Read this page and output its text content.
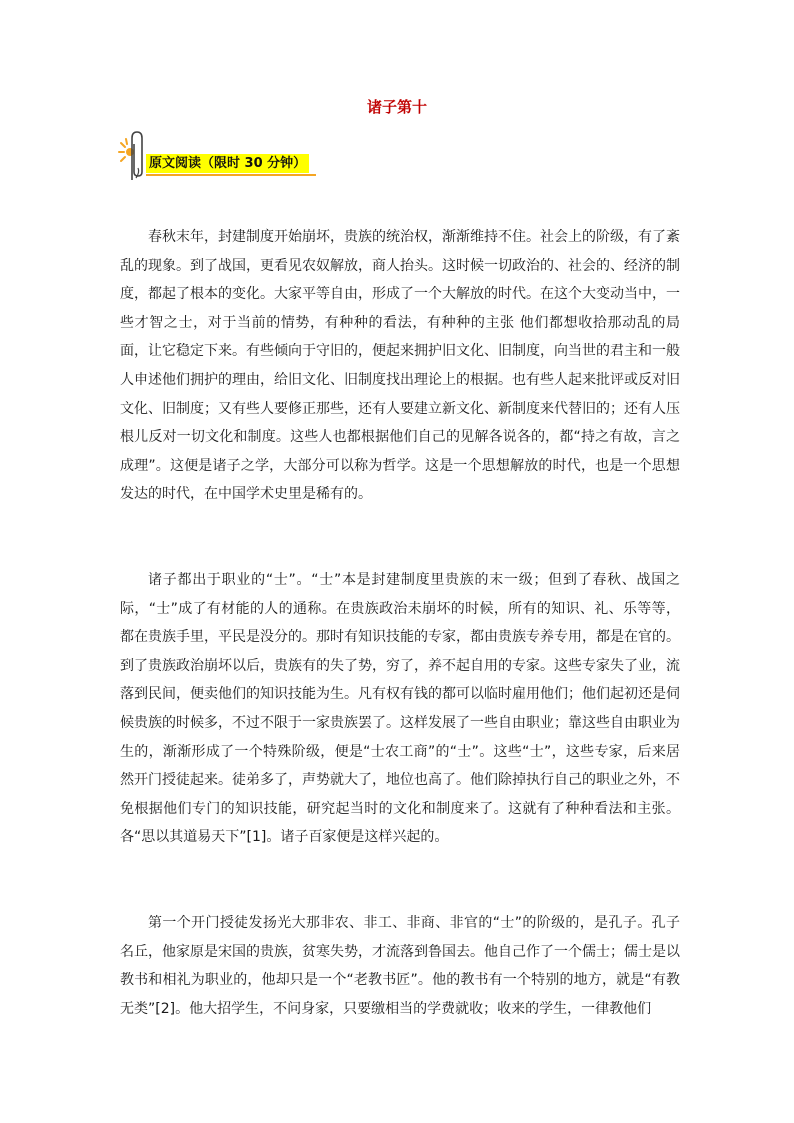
诸子第十
原文阅读（限时 30 分钟）

春秋末年，封建制度开始崩坏，贵族的统治权，渐渐维持不住。社会上的阶级，有了紊乱的现象。到了战国，更看见农奴解放，商人抬头。这时候一切政治的、社会的、经济的制度，都起了根本的变化。大家平等自由，形成了一个大解放的时代。在这个大变动当中，一些才智之士，对于当前的情势，有种种的看法，有种种的主张 他们都想收拾那动乱的局面，让它稳定下来。有些倾向于守旧的，便起来拥护旧文化、旧制度，向当世的君主和一般人申述他们拥护的理由，给旧文化、旧制度找出理论上的根据。也有些人起来批评或反对旧文化、旧制度；又有些人要修正那些，还有人要建立新文化、新制度来代替旧的；还有人压根儿反对一切文化和制度。这些人也都根据他们自己的见解各说各的，都“持之有故，言之成理”。这便是诸子之学，大部分可以称为哲学。这是一个思想解放的时代，也是一个思想发达的时代，在中国学术史里是稀有的。

诸子都出于职业的“士”。“士”本是封建制度里贵族的末一级；但到了春秋、战国之际，“士”成了有材能的人的通称。在贵族政治未崩坏的时候，所有的知识、礼、乐等等，都在贵族手里，平民是没分的。那时有知识技能的专家，都由贵族专养专用，都是在官的。到了贵族政治崩坏以后，贵族有的失了势，穷了，养不起自用的专家。这些专家失了业，流落到民间，便卖他们的知识技能为生。凡有权有钱的都可以临时雇用他们；他们起初还是伺候贵族的时候多，不过不限于一家贵族罢了。这样发展了一些自由职业；靠这些自由职业为生的，渐渐形成了一个特殊阶级，便是“士农工商”的“士”。这些“士”，这些专家，后来居然开门授徒起来。徒弟多了，声势就大了，地位也高了。他们除掉执行自己的职业之外，不免根据他们专门的知识技能，研究起当时的文化和制度来了。这就有了种种看法和主张。各“思以其道易天下”[1]。诸子百家便是这样兴起的。

第一个开门授徒发扬光大那非农、非工、非商、非官的“士”的阶级的，是孔子。孔子名丘，他家原是宋国的贵族，贫寒失势，才流落到鲁国去。他自己作了一个儒士；儒士是以教书和相礼为职业的，他却只是一个“老教书匠”。他的教书有一个特别的地方，就是“有教无类”[2]。他大招学生，不问身家，只要缴相当的学费就收；收来的学生，一律教他们
